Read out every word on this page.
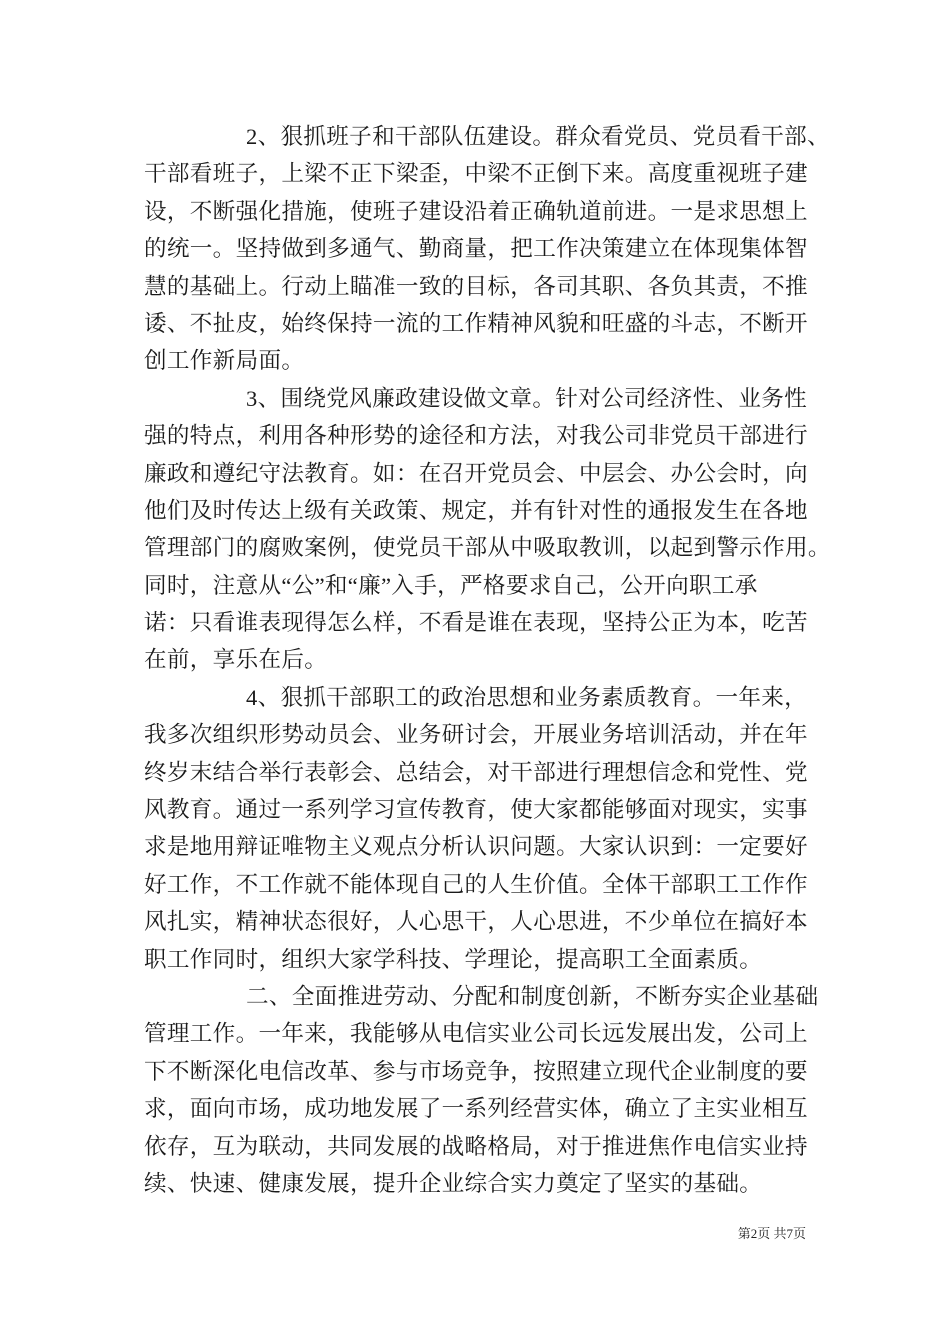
2、狠抓班子和干部队伍建设。群众看党员、党员看干部、
干部看班子，上梁不正下梁歪，中梁不正倒下来。高度重视班子建
设，不断强化措施，使班子建设沿着正确轨道前进。一是求思想上
的统一。坚持做到多通气、勤商量，把工作决策建立在体现集体智
慧的基础上。行动上瞄准一致的目标，各司其职、各负其责，不推
诿、不扯皮，始终保持一流的工作精神风貌和旺盛的斗志，不断开
创工作新局面。
3、围绕党风廉政建设做文章。针对公司经济性、业务性
强的特点，利用各种形势的途径和方法，对我公司非党员干部进行
廉政和遵纪守法教育。如：在召开党员会、中层会、办公会时，向
他们及时传达上级有关政策、规定，并有针对性的通报发生在各地
管理部门的腐败案例，使党员干部从中吸取教训，以起到警示作用。
同时，注意从“公”和“廉”入手，严格要求自己，公开向职工承
诺：只看谁表现得怎么样，不看是谁在表现，坚持公正为本，吃苦
在前，享乐在后。
4、狠抓干部职工的政治思想和业务素质教育。一年来，
我多次组织形势动员会、业务研讨会，开展业务培训活动，并在年
终岁末结合举行表彰会、总结会，对干部进行理想信念和党性、党
风教育。通过一系列学习宣传教育，使大家都能够面对现实，实事
求是地用辩证唯物主义观点分析认识问题。大家认识到：一定要好
好工作，不工作就不能体现自己的人生价值。全体干部职工工作作
风扎实，精神状态很好，人心思干，人心思进，不少单位在搞好本
职工作同时，组织大家学科技、学理论，提高职工全面素质。
二、全面推进劳动、分配和制度创新，不断夯实企业基础
管理工作。一年来，我能够从电信实业公司长远发展出发，公司上
下不断深化电信改革、参与市场竞争，按照建立现代企业制度的要
求，面向市场，成功地发展了一系列经营实体，确立了主实业相互
依存，互为联动，共同发展的战略格局，对于推进焦作电信实业持
续、快速、健康发展，提升企业综合实力奠定了坚实的基础。
第2页 共7页
